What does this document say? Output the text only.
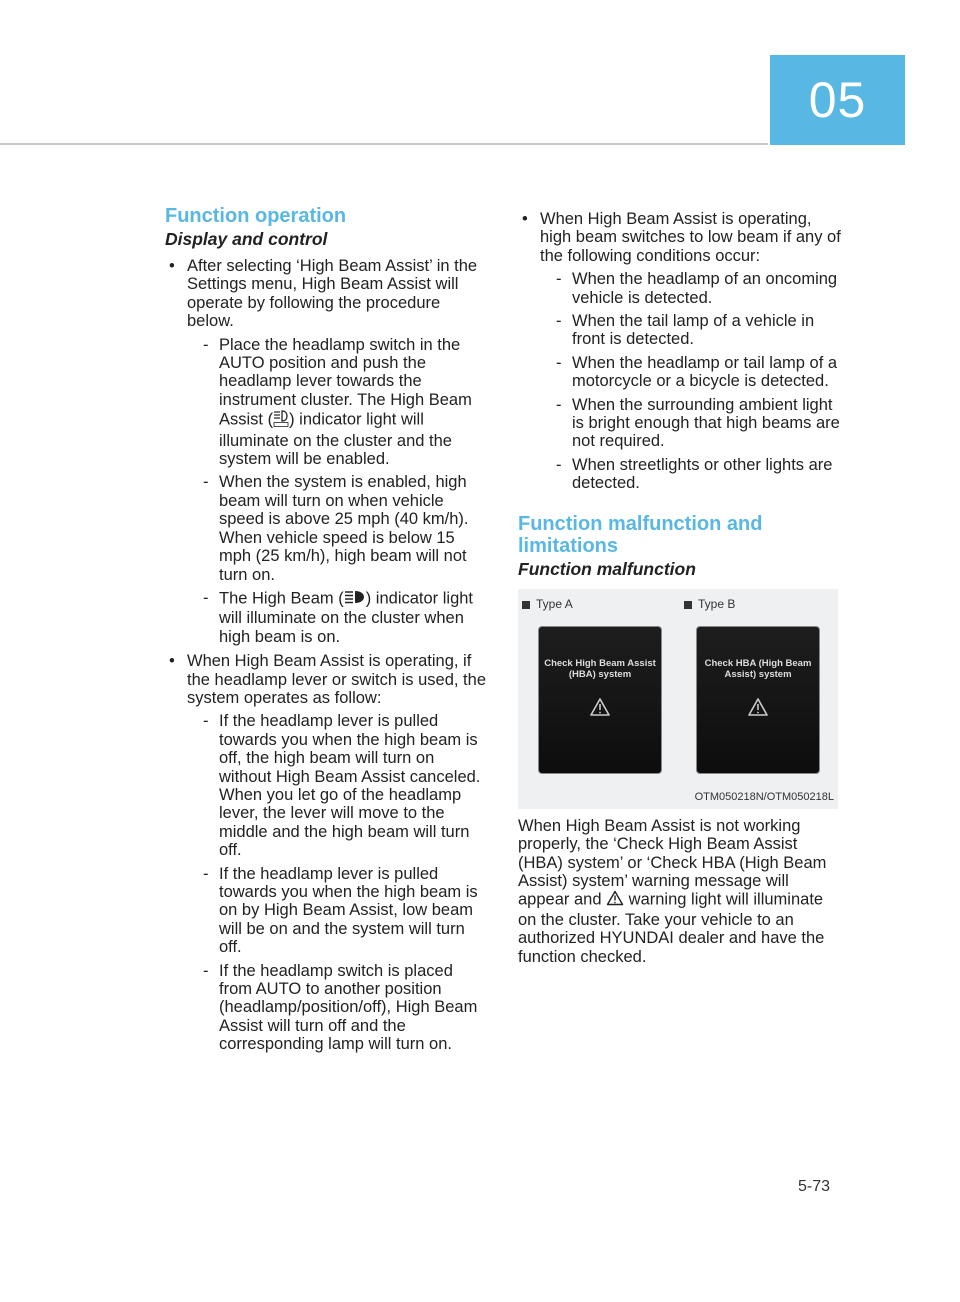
05
Function operation
Display and control
• After selecting ‘High Beam Assist’ in the Settings menu, High Beam Assist will operate by following the procedure below.
- Place the headlamp switch in the AUTO position and push the headlamp lever towards the instrument cluster. The High Beam Assist ( ) indicator light will illuminate on the cluster and the system will be enabled.
- When the system is enabled, high beam will turn on when vehicle speed is above 25 mph (40 km/h). When vehicle speed is below 15 mph (25 km/h), high beam will not turn on.
- The High Beam ( ) indicator light will illuminate on the cluster when high beam is on.
• When High Beam Assist is operating, if the headlamp lever or switch is used, the system operates as follow:
- If the headlamp lever is pulled towards you when the high beam is off, the high beam will turn on without High Beam Assist canceled. When you let go of the headlamp lever, the lever will move to the middle and the high beam will turn off.
- If the headlamp lever is pulled towards you when the high beam is on by High Beam Assist, low beam will be on and the system will turn off.
- If the headlamp switch is placed from AUTO to another position (headlamp/position/off), High Beam Assist will turn off and the corresponding lamp will turn on.
• When High Beam Assist is operating, high beam switches to low beam if any of the following conditions occur:
- When the headlamp of an oncoming vehicle is detected.
- When the tail lamp of a vehicle in front is detected.
- When the headlamp or tail lamp of a motorcycle or a bicycle is detected.
- When the surrounding ambient light is bright enough that high beams are not required.
- When streetlights or other lights are detected.
Function malfunction and limitations
Function malfunction
Type A	Type B
Check High Beam Assist (HBA) system
Check HBA (High Beam Assist) system
OTM050218N/OTM050218L
When High Beam Assist is not working properly, the ‘Check High Beam Assist (HBA) system’ or ‘Check HBA (High Beam Assist) system’ warning message will appear and  warning light will illuminate on the cluster. Take your vehicle to an authorized HYUNDAI dealer and have the function checked.
5-73
